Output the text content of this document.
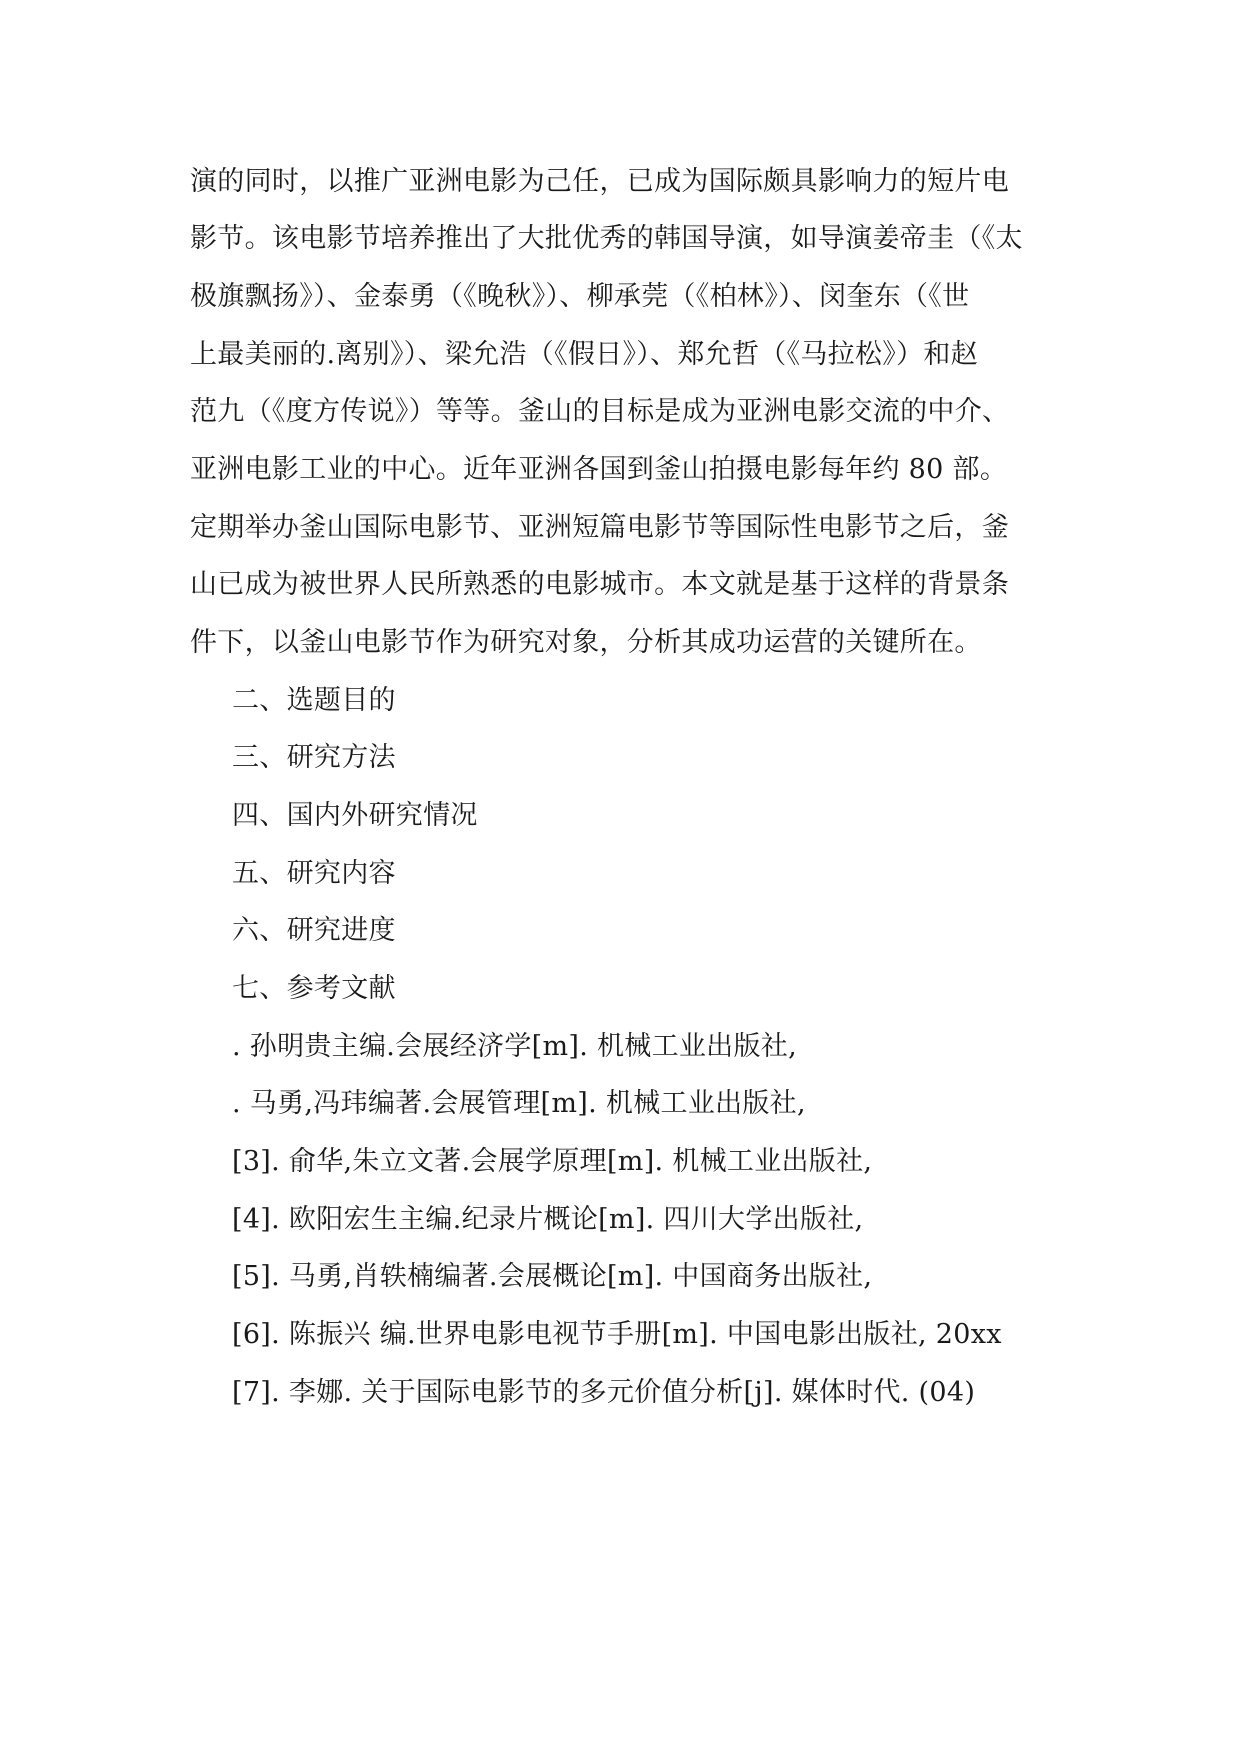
演的同时，以推广亚洲电影为己任，已成为国际颇具影响力的短片电
影节。该电影节培养推出了大批优秀的韩国导演，如导演姜帝圭（《太
极旗飘扬》）、金泰勇（《晚秋》）、柳承莞（《柏林》）、闵奎东（《世
上最美丽的.离别》）、梁允浩（《假日》）、郑允哲（《马拉松》）和赵
范九（《度方传说》）等等。釜山的目标是成为亚洲电影交流的中介、
亚洲电影工业的中心。近年亚洲各国到釜山拍摄电影每年约 80 部。
定期举办釜山国际电影节、亚洲短篇电影节等国际性电影节之后，釜
山已成为被世界人民所熟悉的电影城市。本文就是基于这样的背景条
件下，以釜山电影节作为研究对象，分析其成功运营的关键所在。
二、选题目的
三、研究方法
四、国内外研究情况
五、研究内容
六、研究进度
七、参考文献
. 孙明贵主编.会展经济学[m]. 机械工业出版社,
. 马勇,冯玮编著.会展管理[m]. 机械工业出版社,
[3]. 俞华,朱立文著.会展学原理[m]. 机械工业出版社,
[4]. 欧阳宏生主编.纪录片概论[m]. 四川大学出版社,
[5]. 马勇,肖轶楠编著.会展概论[m]. 中国商务出版社,
[6]. 陈振兴 编.世界电影电视节手册[m]. 中国电影出版社, 20xx
[7]. 李娜. 关于国际电影节的多元价值分析[j]. 媒体时代. (04)
